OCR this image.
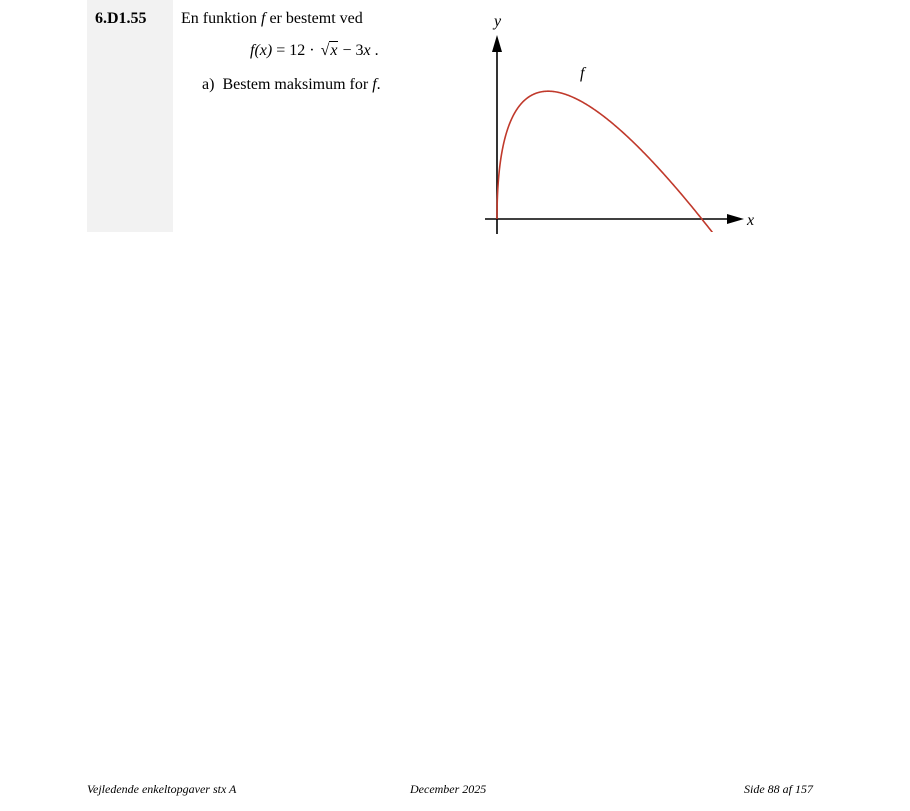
6.D1.55 En funktion f er bestemt ved
f(x) = 12 · √x − 3x .
a) Bestem maksimum for f.
y
x
f
Vejledende enkeltopgaver stx A	December 2025	Side 88 af 157
